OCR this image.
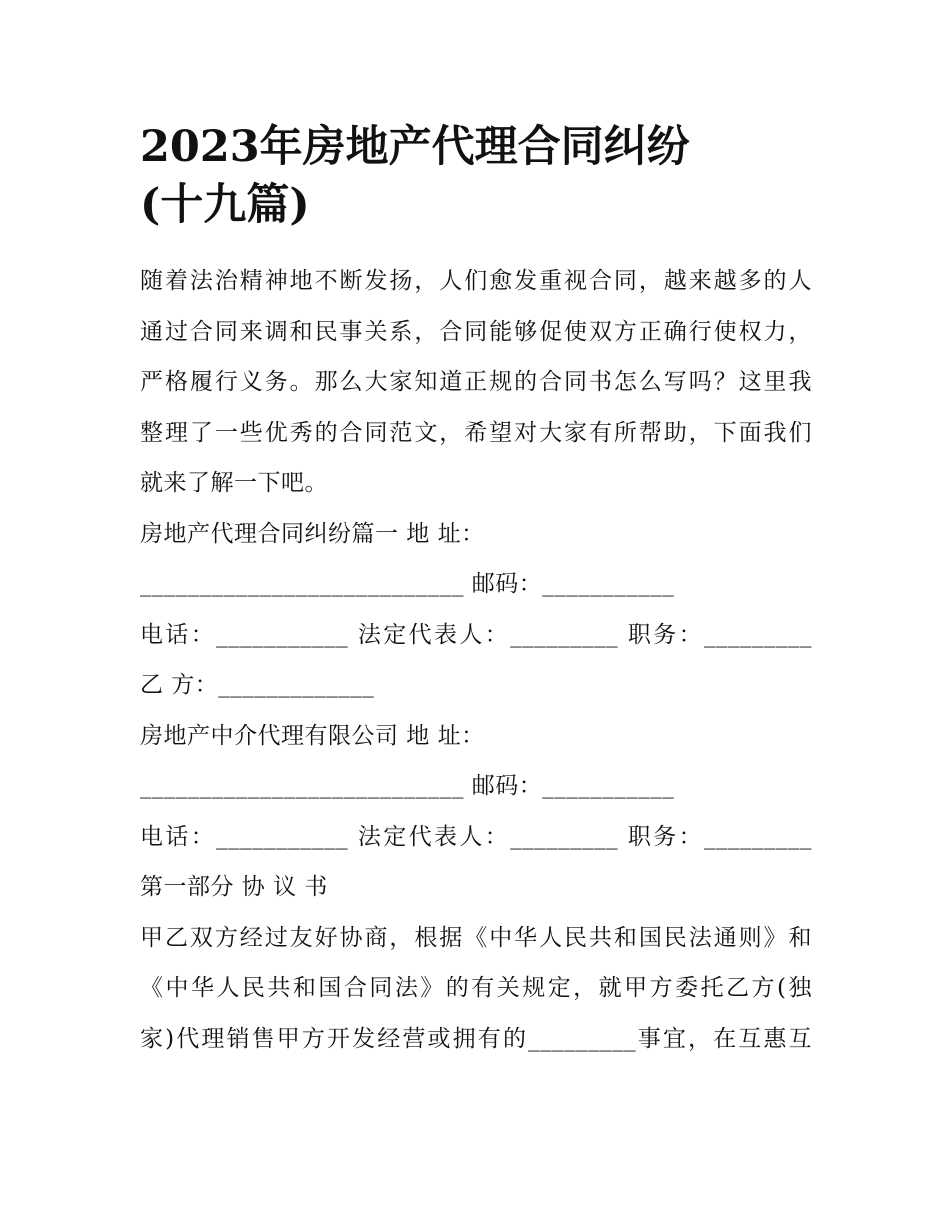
2023年房地产代理合同纠纷
(十九篇)
随着法治精神地不断发扬，人们愈发重视合同，越来越多的人
通过合同来调和民事关系，合同能够促使双方正确行使权力，
严格履行义务。那么大家知道正规的合同书怎么写吗？这里我
整理了一些优秀的合同范文，希望对大家有所帮助，下面我们
就来了解一下吧。
房地产代理合同纠纷篇一 地 址：
___________________________ 邮码：___________
电话：___________ 法定代表人：_________ 职务：_________
乙 方：_____________
房地产中介代理有限公司 地 址：
___________________________ 邮码：___________
电话：___________ 法定代表人：_________ 职务：_________
第一部分 协 议 书
甲乙双方经过友好协商，根据《中华人民共和国民法通则》和
《中华人民共和国合同法》的有关规定，就甲方委托乙方(独
家)代理销售甲方开发经营或拥有的_________事宜，在互惠互
